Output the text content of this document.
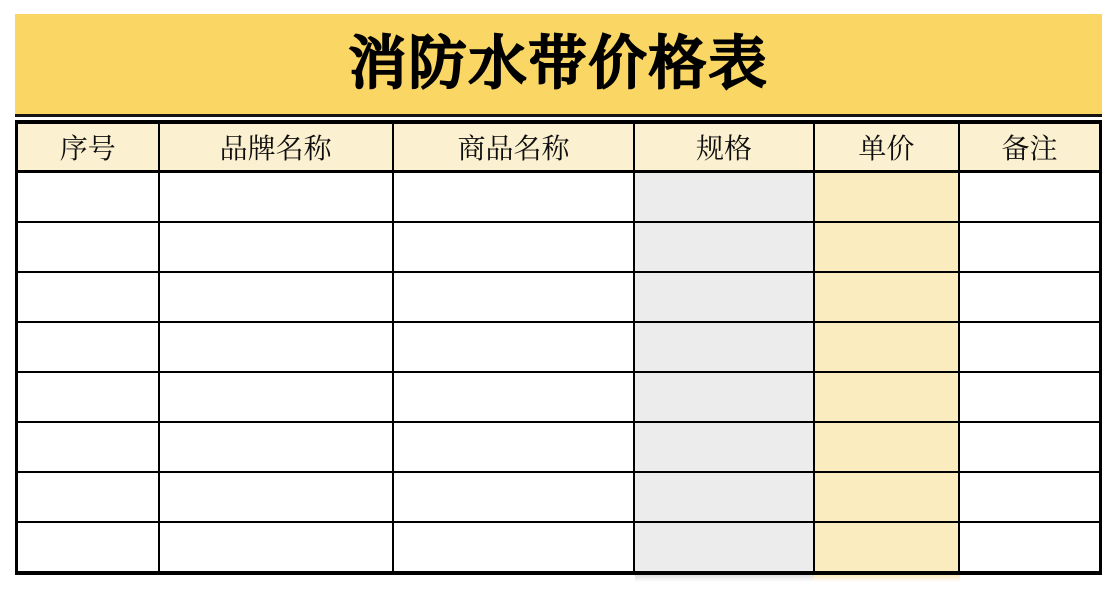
消防水带价格表
序号	品牌名称	商品名称	规格	单价	备注
